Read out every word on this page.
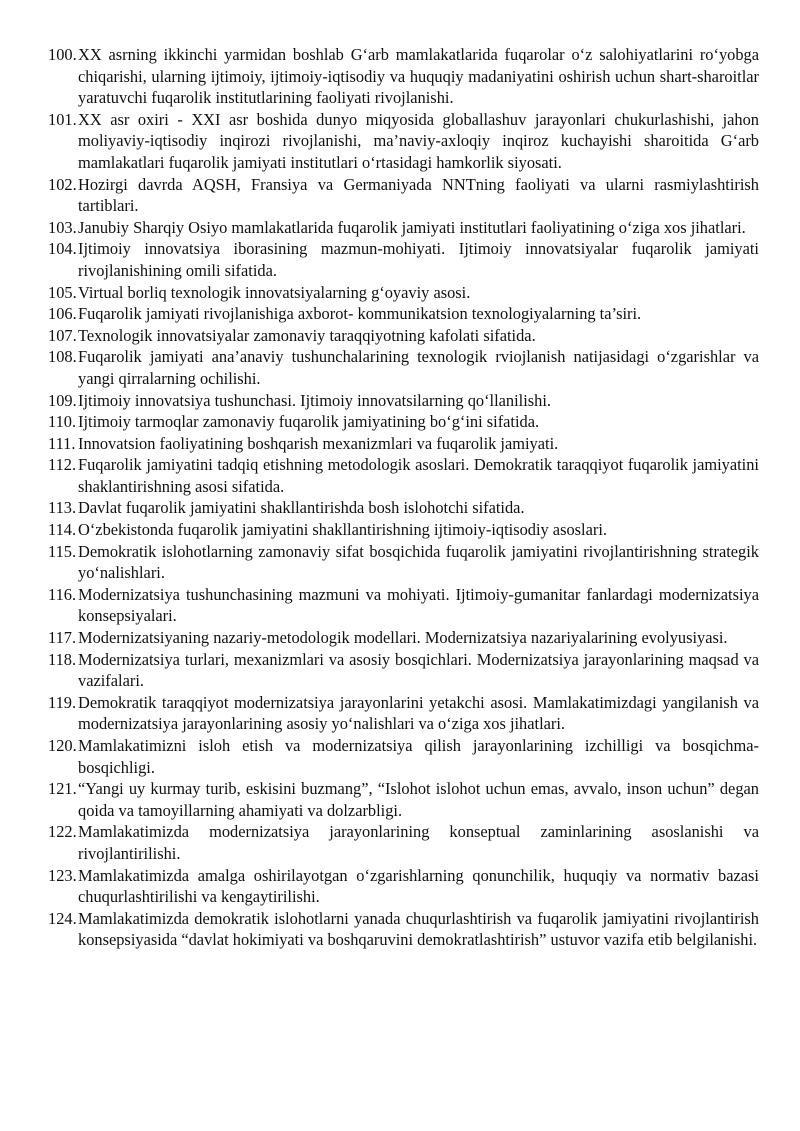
100. XX asrning ikkinchi yarmidan boshlab G‘arb mamlakatlarida fuqarolar o‘z salohiyatlarini ro‘yobga chiqarishi, ularning ijtimoiy, ijtimoiy-iqtisodiy va huquqiy madaniyatini oshirish uchun shart-sharoitlar yaratuvchi fuqarolik institutlarining faoliyati rivojlanishi.
101. XX asr oxiri - XXI asr boshida dunyo miqyosida globallashuv jarayonlari chukurlashishi, jahon moliyaviy-iqtisodiy inqirozi rivojlanishi, ma’naviy-axloqiy inqiroz kuchayishi sharoitida G‘arb mamlakatlari fuqarolik jamiyati institutlari o‘rtasidagi hamkorlik siyosati.
102. Hozirgi davrda AQSH, Fransiya va Germaniyada NNTning faoliyati va ularni rasmiylashtirish tartiblari.
103. Janubiy Sharqiy Osiyo mamlakatlarida fuqarolik jamiyati institutlari faoliyatining o‘ziga xos jihatlari.
104. Ijtimoiy innovatsiya iborasining mazmun-mohiyati. Ijtimoiy innovatsiyalar fuqarolik jamiyati rivojlanishining omili sifatida.
105. Virtual borliq texnologik innovatsiyalarning g‘oyaviy asosi.
106. Fuqarolik jamiyati rivojlanishiga axborot- kommunikatsion texnologiyalarning ta’siri.
107. Texnologik innovatsiyalar zamonaviy taraqqiyotning kafolati sifatida.
108. Fuqarolik jamiyati ana’anaviy tushunchalarining texnologik rviojlanish natijasidagi o‘zgarishlar va yangi qirralarning ochilishi.
109. Ijtimoiy innovatsiya tushunchasi. Ijtimoiy innovatsilarning qo‘llanilishi.
110. Ijtimoiy tarmoqlar zamonaviy fuqarolik jamiyatining bo‘g‘ini sifatida.
111. Innovatsion faoliyatining boshqarish mexanizmlari va fuqarolik jamiyati.
112. Fuqarolik jamiyatini tadqiq etishning metodologik asoslari. Demokratik taraqqiyot fuqarolik jamiyatini shaklantirishning asosi sifatida.
113. Davlat fuqarolik jamiyatini shakllantirishda bosh islohotchi sifatida.
114. O‘zbekistonda fuqarolik jamiyatini shakllantirishning ijtimoiy-iqtisodiy asoslari.
115. Demokratik islohotlarning zamonaviy sifat bosqichida fuqarolik jamiyatini rivojlantirishning strategik yo‘nalishlari.
116. Modernizatsiya tushunchasining mazmuni va mohiyati. Ijtimoiy-gumanitar fanlardagi modernizatsiya konsepsiyalari.
117. Modernizatsiyaning nazariy-metodologik modellari. Modernizatsiya nazariyalarining evolyusiyasi.
118. Modernizatsiya turlari, mexanizmlari va asosiy bosqichlari. Modernizatsiya jarayonlarining maqsad va vazifalari.
119. Demokratik taraqqiyot modernizatsiya jarayonlarini yetakchi asosi. Mamlakatimizdagi yangilanish va modernizatsiya jarayonlarining asosiy yo‘nalishlari va o‘ziga xos jihatlari.
120. Mamlakatimizni isloh etish va modernizatsiya qilish jarayonlarining izchilligi va bosqichma-bosqichligi.
121. “Yangi uy kurmay turib, eskisini buzmang”, “Islohot islohot uchun emas, avvalo, inson uchun” degan qoida va tamoyillarning ahamiyati va dolzarbligi.
122. Mamlakatimizda modernizatsiya jarayonlarining konseptual zaminlarining asoslanishi va rivojlantirilishi.
123. Mamlakatimizda amalga oshirilayotgan o‘zgarishlarning qonunchilik, huquqiy va normativ bazasi chuqurlashtirilishi va kengaytirilishi.
124. Mamlakatimizda demokratik islohotlarni yanada chuqurlashtirish va fuqarolik jamiyatini rivojlantirish konsepsiyasida “davlat hokimiyati va boshqaruvini demokratlashtirish” ustuvor vazifa etib belgilanishi.
